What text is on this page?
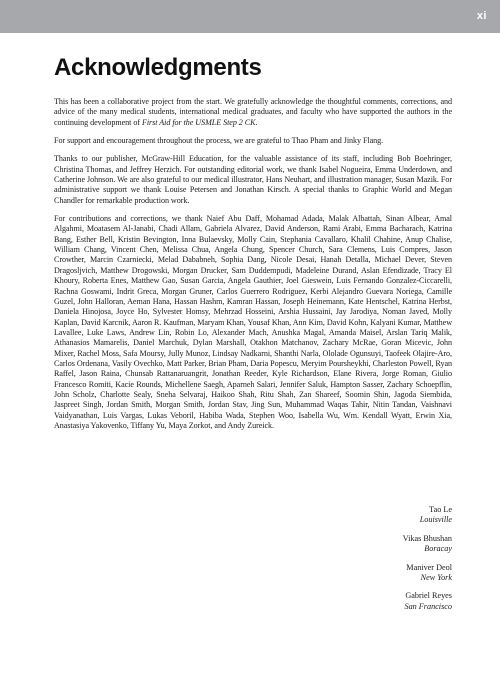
xi
Acknowledgments

This has been a collaborative project from the start. We gratefully acknowledge the thoughtful comments, corrections, and advice of the many medical students, international medical graduates, and faculty who have supported the authors in the continuing development of First Aid for the USMLE Step 2 CK.

For support and encouragement throughout the process, we are grateful to Thao Pham and Jinky Flang.

Thanks to our publisher, McGraw-Hill Education, for the valuable assistance of its staff, including Bob Boehringer, Christina Thomas, and Jeffrey Herzich. For outstanding editorial work, we thank Isabel Nogueira, Emma Underdown, and Catherine Johnson. We are also grateful to our medical illustrator, Hans Neuhart, and illustration manager, Susan Mazik. For administrative support we thank Louise Petersen and Jonathan Kirsch. A special thanks to Graphic World and Megan Chandler for remarkable production work.

For contributions and corrections, we thank Naief Abu Daff, Mohamad Adada, Malak Albattah, Sinan Albear, Amal Algahmi, Moatasem Al-Janabi, Chadi Allam, Gabriela Alvarez, David Anderson, Rami Arabi, Emma Bacharach, Katrina Bang, Esther Bell, Kristin Bevington, Inna Bulaevsky, Molly Cain, Stephania Cavallaro, Khalil Chahine, Anup Chalise, William Chang, Vincent Chen, Melissa Chua, Angela Chung, Spencer Church, Sara Clemens, Luis Compres, Jason Crowther, Marcin Czarniecki, Melad Dababneh, Sophia Dang, Nicole Desai, Hanah Detalla, Michael Dever, Steven Dragosljvich, Matthew Drogowski, Morgan Drucker, Sam Duddempudi, Madeleine Durand, Aslan Efendizade, Tracy El Khoury, Roberta Enes, Matthew Gao, Susan Garcia, Angela Gauthier, Joel Gieswein, Luis Fernando Gonzalez-Ciccarelli, Rachna Goswami, Indrit Greca, Morgan Gruner, Carlos Guerrero Rodriguez, Kerbi Alejandro Guevara Noriega, Camille Guzel, John Halloran, Aeman Hana, Hassan Hashm, Kamran Hassan, Joseph Heinemann, Kate Hentschel, Katrina Herbst, Daniela Hinojosa, Joyce Ho, Sylvester Homsy, Mehrzad Hosseini, Arshia Hussaini, Jay Jarodiya, Noman Javed, Molly Kaplan, David Karcnik, Aaron R. Kaufman, Maryam Khan, Yousaf Khan, Ann Kim, David Kohn, Kalyani Kumar, Matthew Lavallee, Luke Laws, Andrew Lin, Robin Lo, Alexander Mach, Anushka Magal, Amanda Maisel, Arslan Tariq Malik, Athanasios Mamarelis, Daniel Marchuk, Dylan Marshall, Otakhon Matchanov, Zachary McRae, Goran Micevic, John Mixer, Rachel Moss, Safa Moursy, Jully Munoz, Lindsay Nadkarni, Shanthi Narla, Ololade Ogunsuyi, Taofeek Olajire-Aro, Carlos Ordenana, Vasily Ovechko, Matt Parker, Brian Pham, Daria Popescu, Meryim Poursheykhi, Charleston Powell, Ryan Raffel, Jason Raina, Chunsab Rattanaruangrit, Jonathan Reeder, Kyle Richardson, Elane Rivera, Jorge Roman, Giulio Francesco Romiti, Kacie Rounds, Michellene Saegh, Aparneh Salari, Jennifer Saluk, Hampton Sasser, Zachary Schoepflin, John Scholz, Charlotte Sealy, Sneha Selvaraj, Haikoo Shah, Ritu Shah, Zan Shareef, Soomin Shin, Jagoda Siembida, Jaspreet Singh, Jordan Smith, Morgan Smith, Jordan Stav, Jing Sun, Muhammad Waqas Tahir, Nitin Tandan, Vaishnavi Vaidyanathan, Luis Vargas, Lukas Veboril, Habiba Wada, Stephen Woo, Isabella Wu, Wm. Kendall Wyatt, Erwin Xia, Anastasiya Yakovenko, Tiffany Yu, Maya Zorkot, and Andy Zureick.

Tao Le
Louisville
Vikas Bhushan
Boracay
Maniver Deol
New York
Gabriel Reyes
San Francisco
